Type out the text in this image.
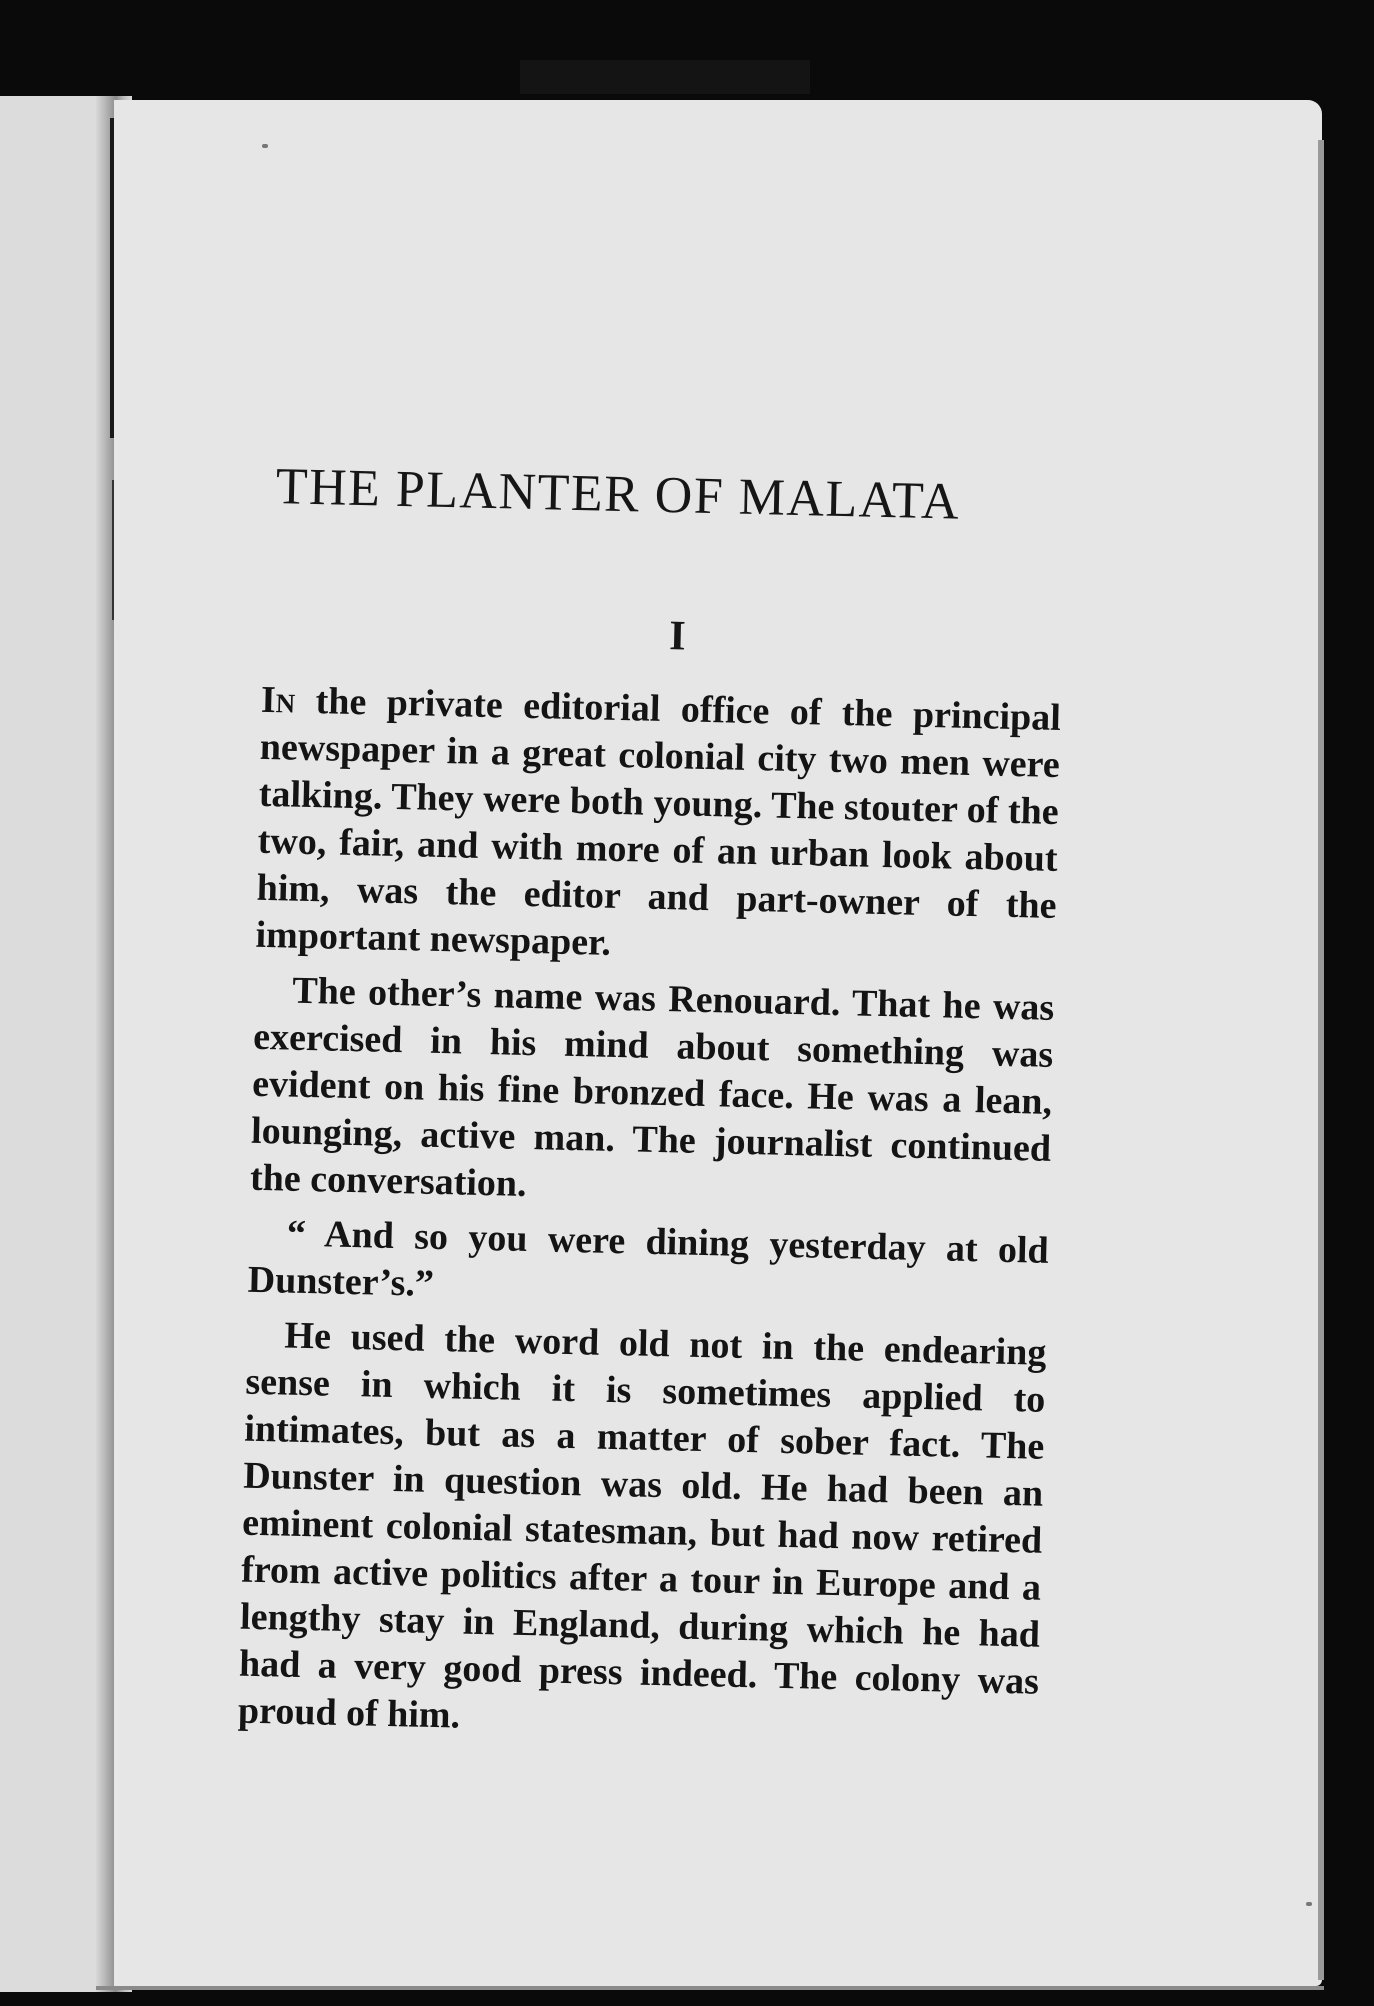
THE PLANTER OF MALATA
I

In the private editorial office of the principal newspaper in a great colonial city two men were talking. They were both young. The stouter of the two, fair, and with more of an urban look about him, was the editor and part-owner of the important newspaper.

The other’s name was Renouard. That he was exercised in his mind about something was evident on his fine bronzed face. He was a lean, lounging, active man. The journalist continued the conversation.

“ And so you were dining yesterday at old Dunster’s.”

He used the word old not in the endearing sense in which it is sometimes applied to intimates, but as a matter of sober fact. The Dunster in question was old. He had been an eminent colonial statesman, but had now retired from active politics after a tour in Europe and a lengthy stay in England, during which he had had a very good press indeed. The colony was proud of him.
